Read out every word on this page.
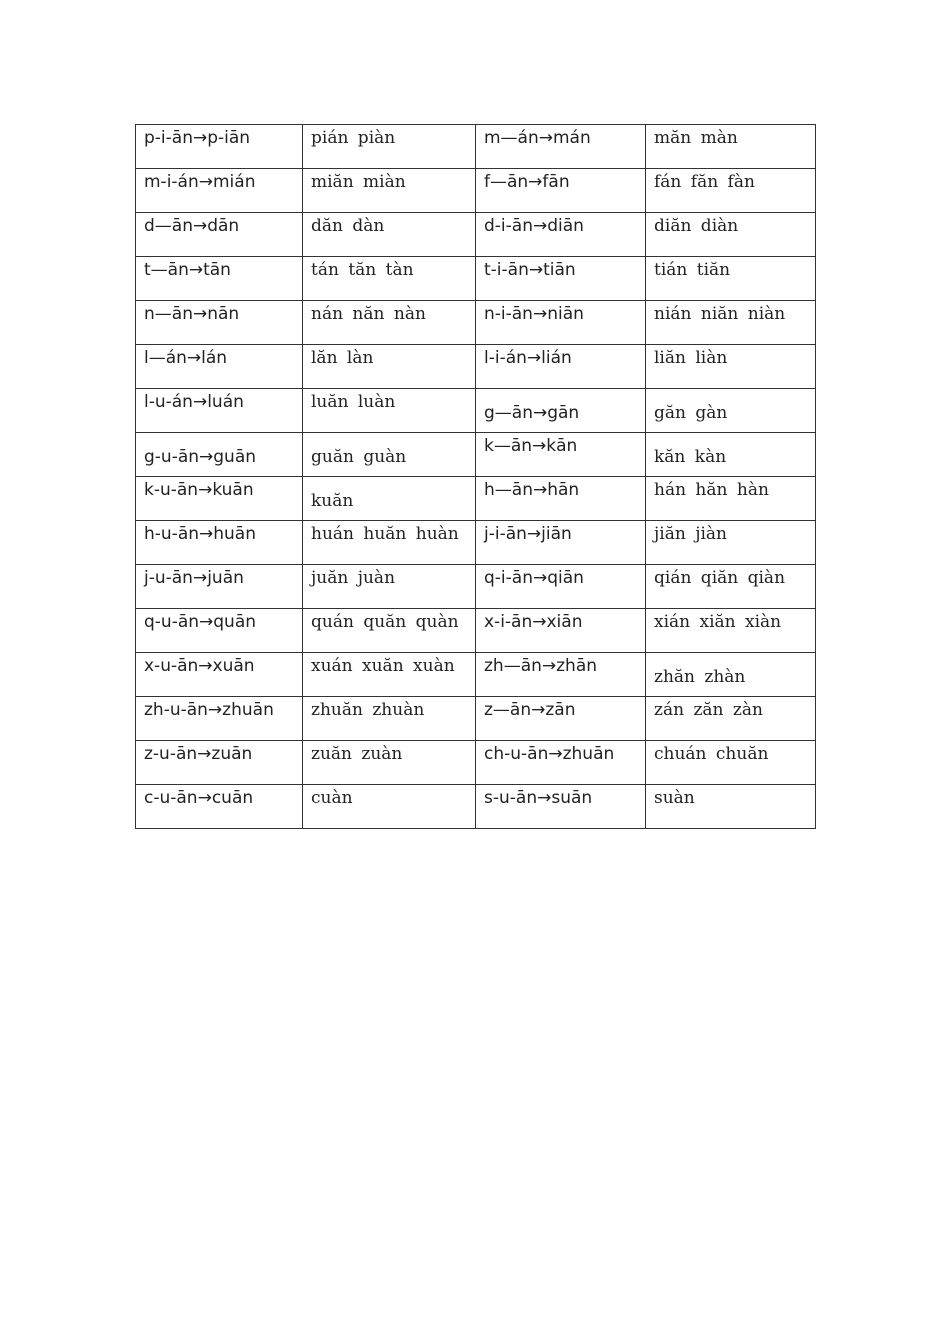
p-i-ān→p-iān	pián piàn	m—án→mán	măn màn

m-i-án→mián	miăn miàn	f—ān→fān	fán făn fàn

d—ān→dān	dăn dàn	d-i-ān→diān	diăn diàn

t—ān→tān	tán tăn tàn	t-i-ān→tiān	tián tiăn

n—ān→nān	nán năn nàn	n-i-ān→niān	nián niăn niàn

l—án→lán	lăn làn	l-i-án→lián	liăn liàn

l-u-án→luán	luăn luàn	g—ān→gān	găn gàn

g-u-ān→guān	guăn guàn	k—ān→kān	kăn kàn

k-u-ān→kuān	kuăn	h—ān→hān	hán hăn hàn

h-u-ān→huān	huán huăn huàn	j-i-ān→jiān	jiăn jiàn

j-u-ān→juān	juăn juàn	q-i-ān→qiān	qián qiăn qiàn

q-u-ān→quān	quán quăn quàn	x-i-ān→xiān	xián xiăn xiàn

x-u-ān→xuān	xuán xuăn xuàn	zh—ān→zhān	zhăn zhàn

zh-u-ān→zhuān	zhuăn zhuàn	z—ān→zān	zán zăn zàn

z-u-ān→zuān	zuăn zuàn	ch-u-ān→zhuān	chuán chuăn

c-u-ān→cuān	cuàn	s-u-ān→suān	suàn
